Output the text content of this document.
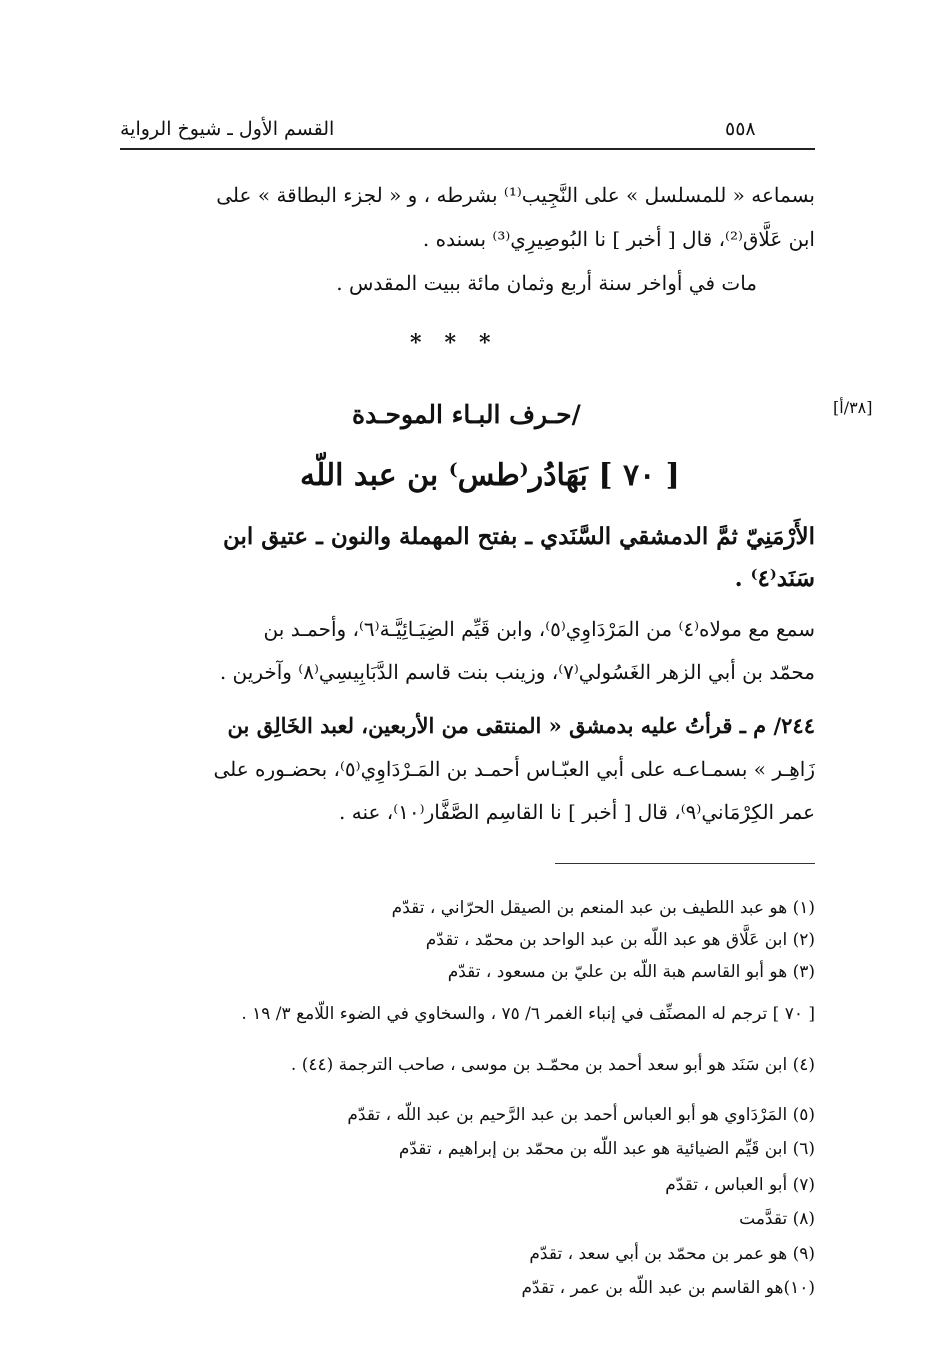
٥٥٨
القسم الأول ـ شيوخ الرواية
[٣٨/أ]
بسماعه « للمسلسل » على النَّجِيب⁽¹⁾ بشرطه ، و « لجزء البطاقة » على
ابن عَلَّاق⁽²⁾، قال [ أخبر ] نا البُوصِيرِي⁽³⁾ بسنده .
مات في أواخر سنة أربع وثمان مائة ببيت المقدس .
*   *   *
/حـرف البـاء الموحـدة
[ ٧٠ ] بَهَادُر⁽طس⁾ بن عبد اللّه
الأَرْمَنِيّ ثمَّ الدمشقي السَّنَدي ـ بفتح المهملة والنون ـ عتيق ابن
سَنَد⁽٤⁾ .
سمع مع مولاه⁽٤⁾ من المَرْدَاوِي⁽٥⁾، وابن قَيِّم الضِيَـائِيَّـة⁽٦⁾، وأحمـد بن
محمّد بن أبي الزهر الغَسُولي⁽٧⁾، وزينب بنت قاسم الدَّبَابِيسِي⁽٨⁾ وآخرين .
٢٤٤/ م ـ قرأتُ عليه بدمشق « المنتقى من الأربعين، لعبد الخَالِق بن
زَاهِـر » بسمـاعـه على أبي العبّـاس أحمـد بن المَـرْدَاوِي⁽٥⁾، بحضـوره على
عمر الكِرْمَاني⁽٩⁾، قال [ أخبر ] نا القاسِم الصَّفَّار⁽١٠⁾، عنه .
(١) هو عبد اللطيف بن عبد المنعم بن الصيقل الحرّاني ، تقدّم
(٢) ابن عَلَّاق هو عبد اللّه بن عبد الواحد بن محمّد ، تقدّم
(٣) هو أبو القاسم هبة اللّه بن عليّ بن مسعود ، تقدّم
[ ٧٠ ] ترجم له المصنِّف في إنباء الغمر ٦/ ٧٥ ، والسخاوي في الضوء اللّامع ٣/ ١٩ .
(٤) ابن سَنَد هو أبو سعد أحمد بن محمّـد بن موسى ، صاحب الترجمة (٤٤) .
(٥) المَرْدَاوي هو أبو العباس أحمد بن عبد الرَّحيم بن عبد اللّه ، تقدّم
(٦) ابن قَيِّم الضيائية هو عبد اللّه بن محمّد بن إبراهيم ، تقدّم
(٧) أبو العباس ، تقدّم
(٨) تقدَّمت
(٩) هو عمر بن محمّد بن أبي سعد ، تقدّم
(١٠)هو القاسم بن عبد اللّه بن عمر ، تقدّم
